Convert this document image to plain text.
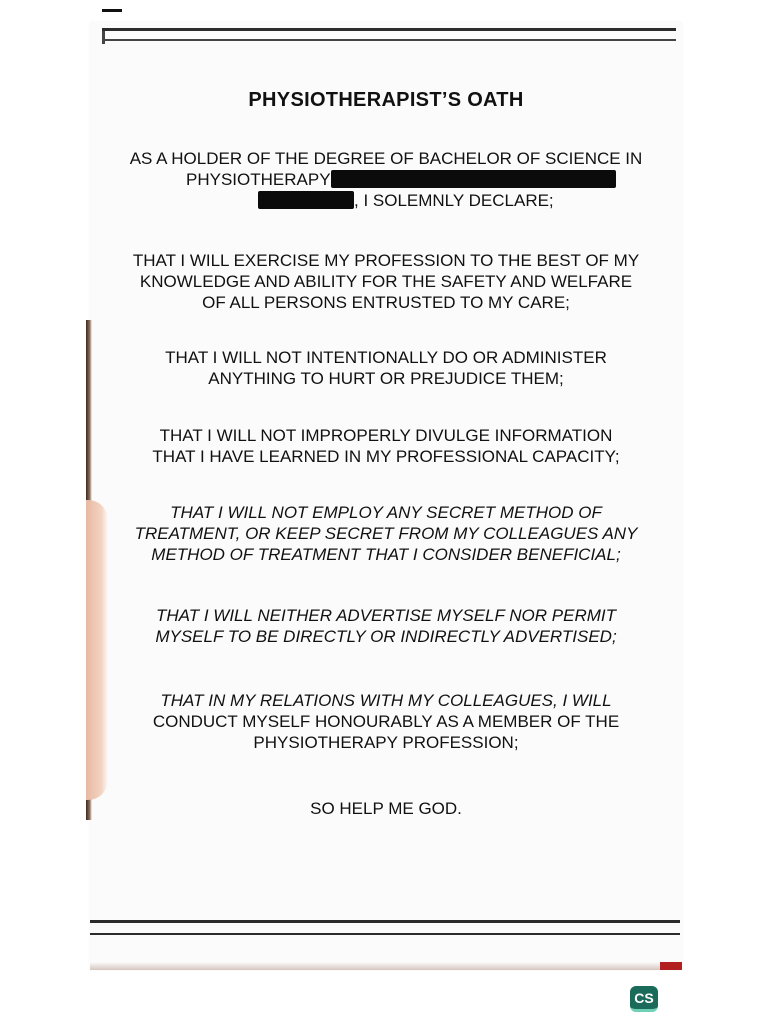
PHYSIOTHERAPIST’S OATH
AS A HOLDER OF THE DEGREE OF BACHELOR OF SCIENCE IN
PHYSIOTHERAPY
, I SOLEMNLY DECLARE;
THAT I WILL EXERCISE MY PROFESSION TO THE BEST OF MY
KNOWLEDGE AND ABILITY FOR THE SAFETY AND WELFARE
OF ALL PERSONS ENTRUSTED TO MY CARE;
THAT I WILL NOT INTENTIONALLY DO OR ADMINISTER
ANYTHING TO HURT OR PREJUDICE THEM;
THAT I WILL NOT IMPROPERLY DIVULGE INFORMATION
THAT I HAVE LEARNED IN MY PROFESSIONAL CAPACITY;
THAT I WILL NOT EMPLOY ANY SECRET METHOD OF
TREATMENT, OR KEEP SECRET FROM MY COLLEAGUES ANY
METHOD OF TREATMENT THAT I CONSIDER BENEFICIAL;
THAT I WILL NEITHER ADVERTISE MYSELF NOR PERMIT
MYSELF TO BE DIRECTLY OR INDIRECTLY ADVERTISED;
THAT IN MY RELATIONS WITH MY COLLEAGUES, I WILL
CONDUCT MYSELF HONOURABLY AS A MEMBER OF THE
PHYSIOTHERAPY PROFESSION;
SO HELP ME GOD.
CS
